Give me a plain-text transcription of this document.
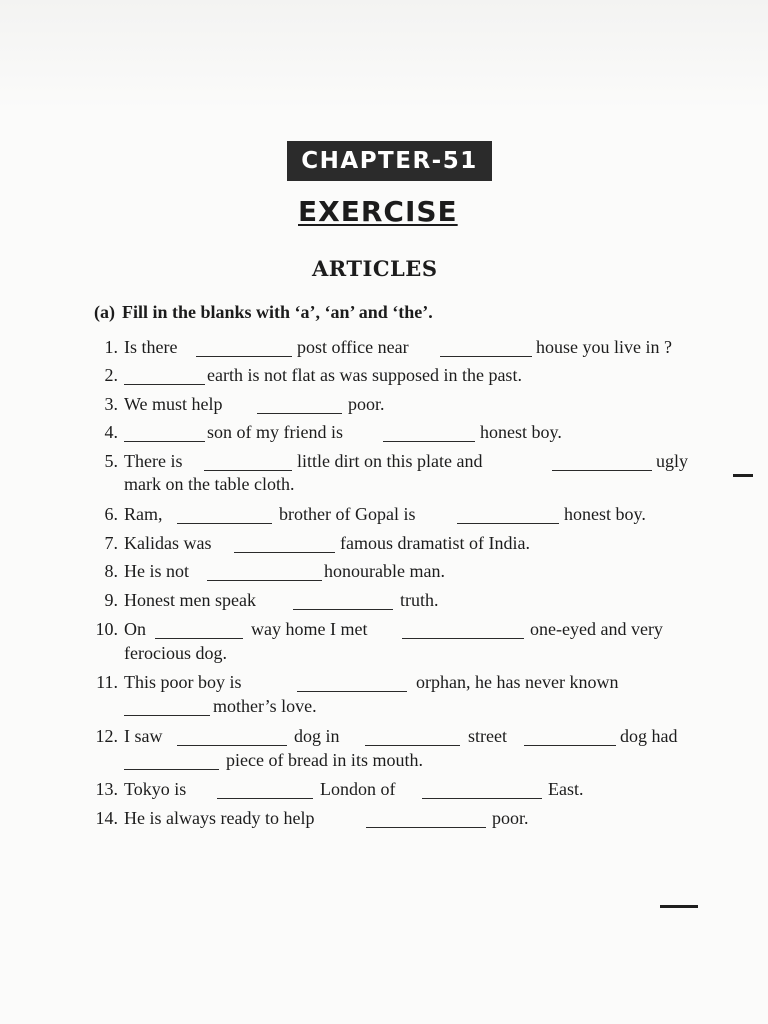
CHAPTER-51
EXERCISE
ARTICLES
(a) Fill in the blanks with ‘a’, ‘an’ and ‘the’.
1. Is there	post office near	house you live in ?
2.	earth is not flat as was supposed in the past.
3. We must help	poor.
4.	son of my friend is	honest boy.
5. There is	little dirt on this plate and	ugly
mark on the table cloth.
6. Ram,	brother of Gopal is	honest boy.
7. Kalidas was	famous dramatist of India.
8. He is not	honourable man.
9. Honest men speak	truth.
10. On	way home I met	one-eyed and very
ferocious dog.
11. This poor boy is	orphan, he has never known
mother’s love.
12. I saw	dog in	street	dog had
piece of bread in its mouth.
13. Tokyo is	London of	East.
14. He is always ready to help	poor.
